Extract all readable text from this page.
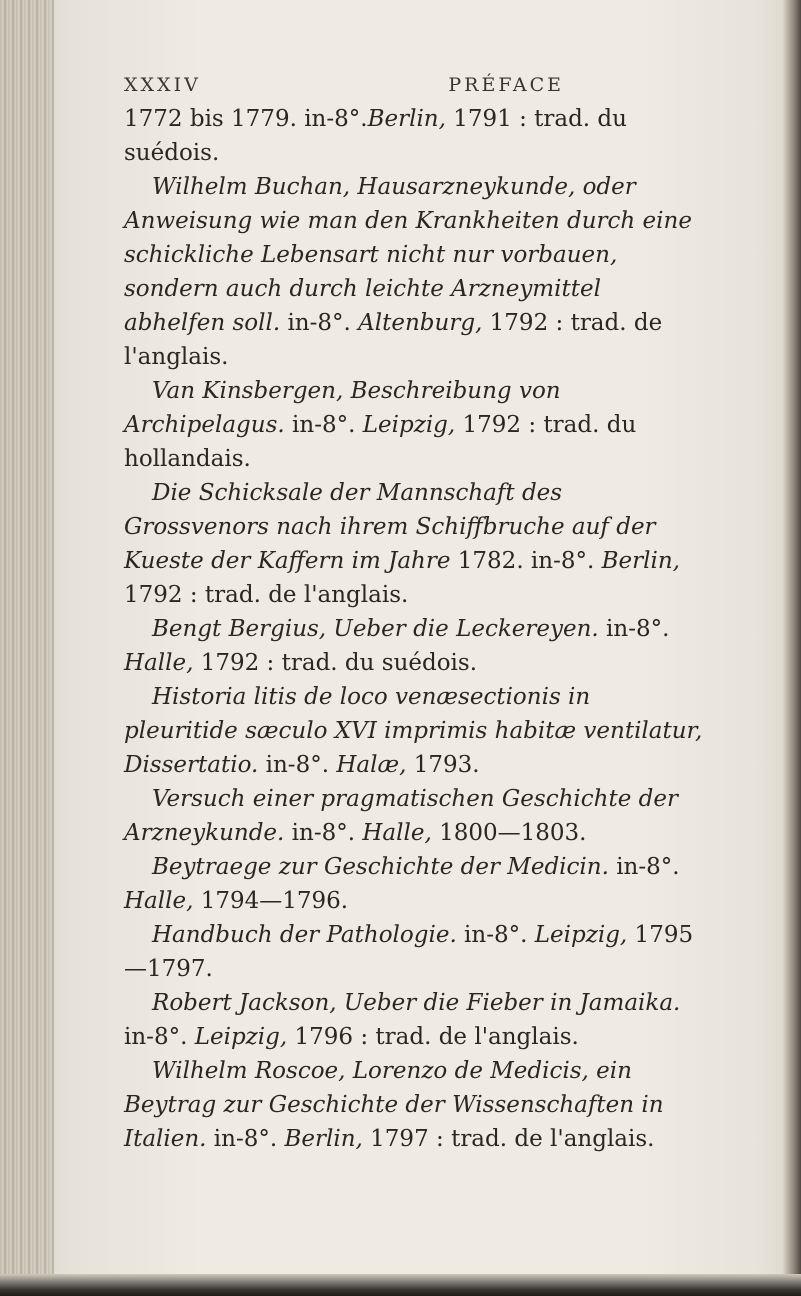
XXXIV	PRÉFACE

1772 bis 1779. in-8°.Berlin, 1791 : trad. du suédois.

Wilhelm Buchan, Hausarzneykunde, oder Anweisung wie man den Krankheiten durch eine schickliche Lebensart nicht nur vorbauen, sondern auch durch leichte Arzneymittel abhelfen soll. in-8°. Altenburg, 1792 : trad. de l'anglais.

Van Kinsbergen, Beschreibung von Archipelagus. in-8°. Leipzig, 1792 : trad. du hollandais.

Die Schicksale der Mannschaft des Grossvenors nach ihrem Schiffbruche auf der Kueste der Kaffern im Jahre 1782. in-8°. Berlin, 1792 : trad. de l'anglais.

Bengt Bergius, Ueber die Leckereyen. in-8°. Halle, 1792 : trad. du suédois.

Historia litis de loco venæsectionis in pleuritide sæculo XVI imprimis habitæ ventilatur, Dissertatio. in-8°. Halæ, 1793.

Versuch einer pragmatischen Geschichte der Arzneykunde. in-8°. Halle, 1800—1803.

Beytraege zur Geschichte der Medicin. in-8°. Halle, 1794—1796.

Handbuch der Pathologie. in-8°. Leipzig, 1795—1797.

Robert Jackson, Ueber die Fieber in Jamaika. in-8°. Leipzig, 1796 : trad. de l'anglais.

Wilhelm Roscoe, Lorenzo de Medicis, ein Beytrag zur Geschichte der Wissenschaften in Italien. in-8°. Berlin, 1797 : trad. de l'anglais.
